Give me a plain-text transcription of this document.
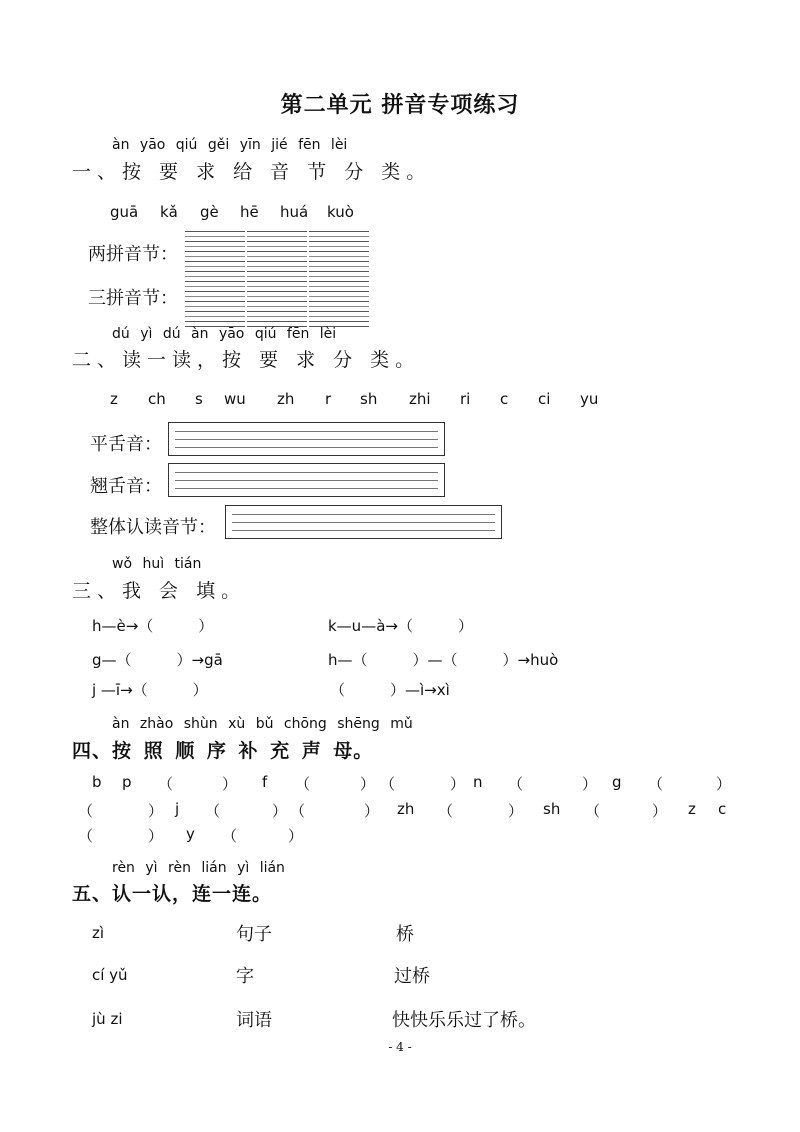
第二单元 拼音专项练习
àn yāo qiú gěi yīn jié fēn lèi
一、按 要 求 给 音 节 分 类。
guā kǎ gè hē huá kuò
两拼音节：
三拼音节：
dú yì dú àn yāo qiú fēn lèi
二、读一读，按 要 求 分 类。
z ch s wu zh r sh zhi ri c ci yu
平舌音：
翘舌音：
整体认读音节：
wǒ huì tián
三、我 会 填。
h—è→（　　　）	k—u—à→（　　　）
g—（　　　）→gā	h—（　　　）—（　　　）→huò
j —ī→（　　　）	（　　　）—ì→xì
àn zhào shùn xù bǔ chōng shēng mǔ
四、按 照 顺 序 补 充 声 母。
b p （	） f （	） （	） n （	） g （	）
（	） j （	） （	） zh （	） sh （	） z c
（	） y （	）
rèn yì rèn lián yì lián
五、认一认，连一连。
zì
cí yǔ
jù zi
句子
字
词语
桥
过桥
快快乐乐过了桥。
- 4 -
